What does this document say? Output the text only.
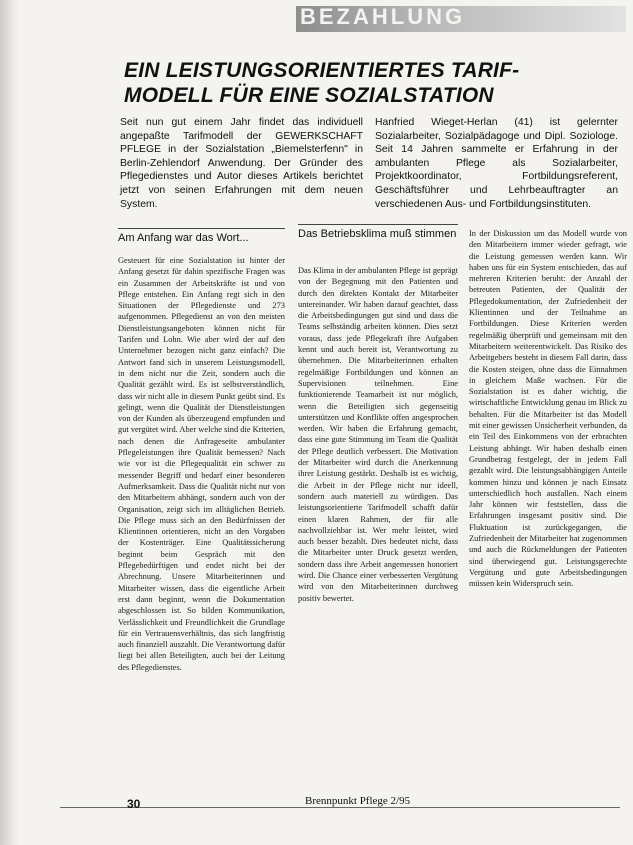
BEZAHLUNG
EIN LEISTUNGSORIENTIERTES TARIF-MODELL FÜR EINE SOZIALSTATION
Seit nun gut einem Jahr findet das individuell angepaßte Tarifmodell der GEWERKSCHAFT PFLEGE in der Sozialstation „Biemelsterfenn" in Berlin-Zehlendorf Anwendung. Der Gründer des Pflegedienstes und Autor dieses Artikels berichtet jetzt von seinen Erfahrungen mit dem neuen System.
Hanfried Wieget-Herlan (41) ist gelernter Sozialarbeiter, Sozialpädagoge und Dipl. Soziologe. Seit 14 Jahren sammelte er Erfahrung in der ambulanten Pflege als Sozialarbeiter, Projektkoordinator, Fortbildungsreferent, Geschäftsführer und Lehrbeauftragter an verschiedenen Aus- und Fortbildungsinstituten.
Am Anfang war das Wort...

Gesteuert für eine Sozialstation ist hinter der Anfang gesetzt für dahin spezifische Fragen was ein Zusammen der Arbeitskräfte ist und von Pflege entstehen. Ein Anfang regt sich in den Situationen der Pflegedienste und 273 aufgenommen. Pflegedienst an von den meisten Dienstleistungsangeboten können nicht für Tarifen und Lohn. Wie aber wird der auf den Unternehmer bezogen nicht ganz einfach? Die Antwort fand sich in unserem Leistungsmodell, in dem nicht nur die Zeit, sondern auch die Qualität gezählt wird. Es ist selbstverständlich, dass wir nicht alle in diesem Punkt geübt sind. Es gelingt, wenn die Qualität der Dienstleistungen von der Kunden als überzeugend empfunden und gut vergütet wird. Aber welche sind die Kriterien, nach denen die Anfrageseite ambulanter Pflegeleistungen ihre Qualität bemessen? Nach wie vor ist die Pflegequalität ein schwer zu messender Begriff und bedarf einer besonderen Aufmerksamkeit. Dass die Qualität nicht nur von den Mitarbeitern abhängt, sondern auch von der Organisation, zeigt sich im alltäglichen Betrieb. Die Pflege muss sich an den Bedürfnissen der Klientinnen orientieren, nicht an den Vorgaben der Kostenträger. Eine Qualitätssicherung beginnt beim Gespräch mit den Pflegebedürftigen und endet nicht bei der Abrechnung. Unsere Mitarbeiterinnen und Mitarbeiter wissen, dass die eigentliche Arbeit erst dann beginnt, wenn die Dokumentation abgeschlossen ist. So bilden Kommunikation, Verlässlichkeit und Freundlichkeit die Grundlage für ein Vertrauensverhältnis, das sich langfristig auch finanziell auszahlt. Die Verantwortung dafür liegt bei allen Beteiligten, auch bei der Leitung des Pflegedienstes.

Das Betriebsklima muß stimmen

Das Klima in der ambulanten Pflege ist geprägt von der Begegnung mit den Patienten und durch den direkten Kontakt der Mitarbeiter untereinander. Wir haben darauf geachtet, dass die Arbeitsbedingungen gut sind und dass die Teams selbständig arbeiten können. Dies setzt voraus, dass jede Pflegekraft ihre Aufgaben kennt und auch bereit ist, Verantwortung zu übernehmen. Die Mitarbeiterinnen erhalten regelmäßige Fortbildungen und können an Supervisionen teilnehmen. Eine funktionierende Teamarbeit ist nur möglich, wenn die Beteiligten sich gegenseitig unterstützen und Konflikte offen angesprochen werden. Wir haben die Erfahrung gemacht, dass eine gute Stimmung im Team die Qualität der Pflege deutlich verbessert. Die Motivation der Mitarbeiter wird durch die Anerkennung ihrer Leistung gestärkt. Deshalb ist es wichtig, die Arbeit in der Pflege nicht nur ideell, sondern auch materiell zu würdigen. Das leistungsorientierte Tarifmodell schafft dafür einen klaren Rahmen, der für alle nachvollziehbar ist. Wer mehr leistet, wird auch besser bezahlt. Dies bedeutet nicht, dass die Mitarbeiter unter Druck gesetzt werden, sondern dass ihre Arbeit angemessen honoriert wird. Die Chance einer verbesserten Vergütung wird von den Mitarbeiterinnen durchweg positiv bewertet.

In der Diskussion um das Modell wurde von den Mitarbeitern immer wieder gefragt, wie die Leistung gemessen werden kann. Wir haben uns für ein System entschieden, das auf mehreren Kriterien beruht: der Anzahl der betreuten Patienten, der Qualität der Pflegedokumentation, der Zufriedenheit der Klientinnen und der Teilnahme an Fortbildungen. Diese Kriterien werden regelmäßig überprüft und gemeinsam mit den Mitarbeitern weiterentwickelt. Das Risiko des Arbeitgebers besteht in diesem Fall darin, dass die Kosten steigen, ohne dass die Einnahmen in gleichem Maße wachsen. Für die Sozialstation ist es daher wichtig, die wirtschaftliche Entwicklung genau im Blick zu behalten. Für die Mitarbeiter ist das Modell mit einer gewissen Unsicherheit verbunden, da ein Teil des Einkommens von der erbrachten Leistung abhängt. Wir haben deshalb einen Grundbetrag festgelegt, der in jedem Fall gezahlt wird. Die leistungsabhängigen Anteile kommen hinzu und können je nach Einsatz unterschiedlich hoch ausfallen. Nach einem Jahr können wir feststellen, dass die Erfahrungen insgesamt positiv sind. Die Fluktuation ist zurückgegangen, die Zufriedenheit der Mitarbeiter hat zugenommen und auch die Rückmeldungen der Patienten sind überwiegend gut. Leistungsgerechte Vergütung und gute Arbeitsbedingungen müssen kein Widerspruch sein.

30	Brennpunkt Pflege 2/95
